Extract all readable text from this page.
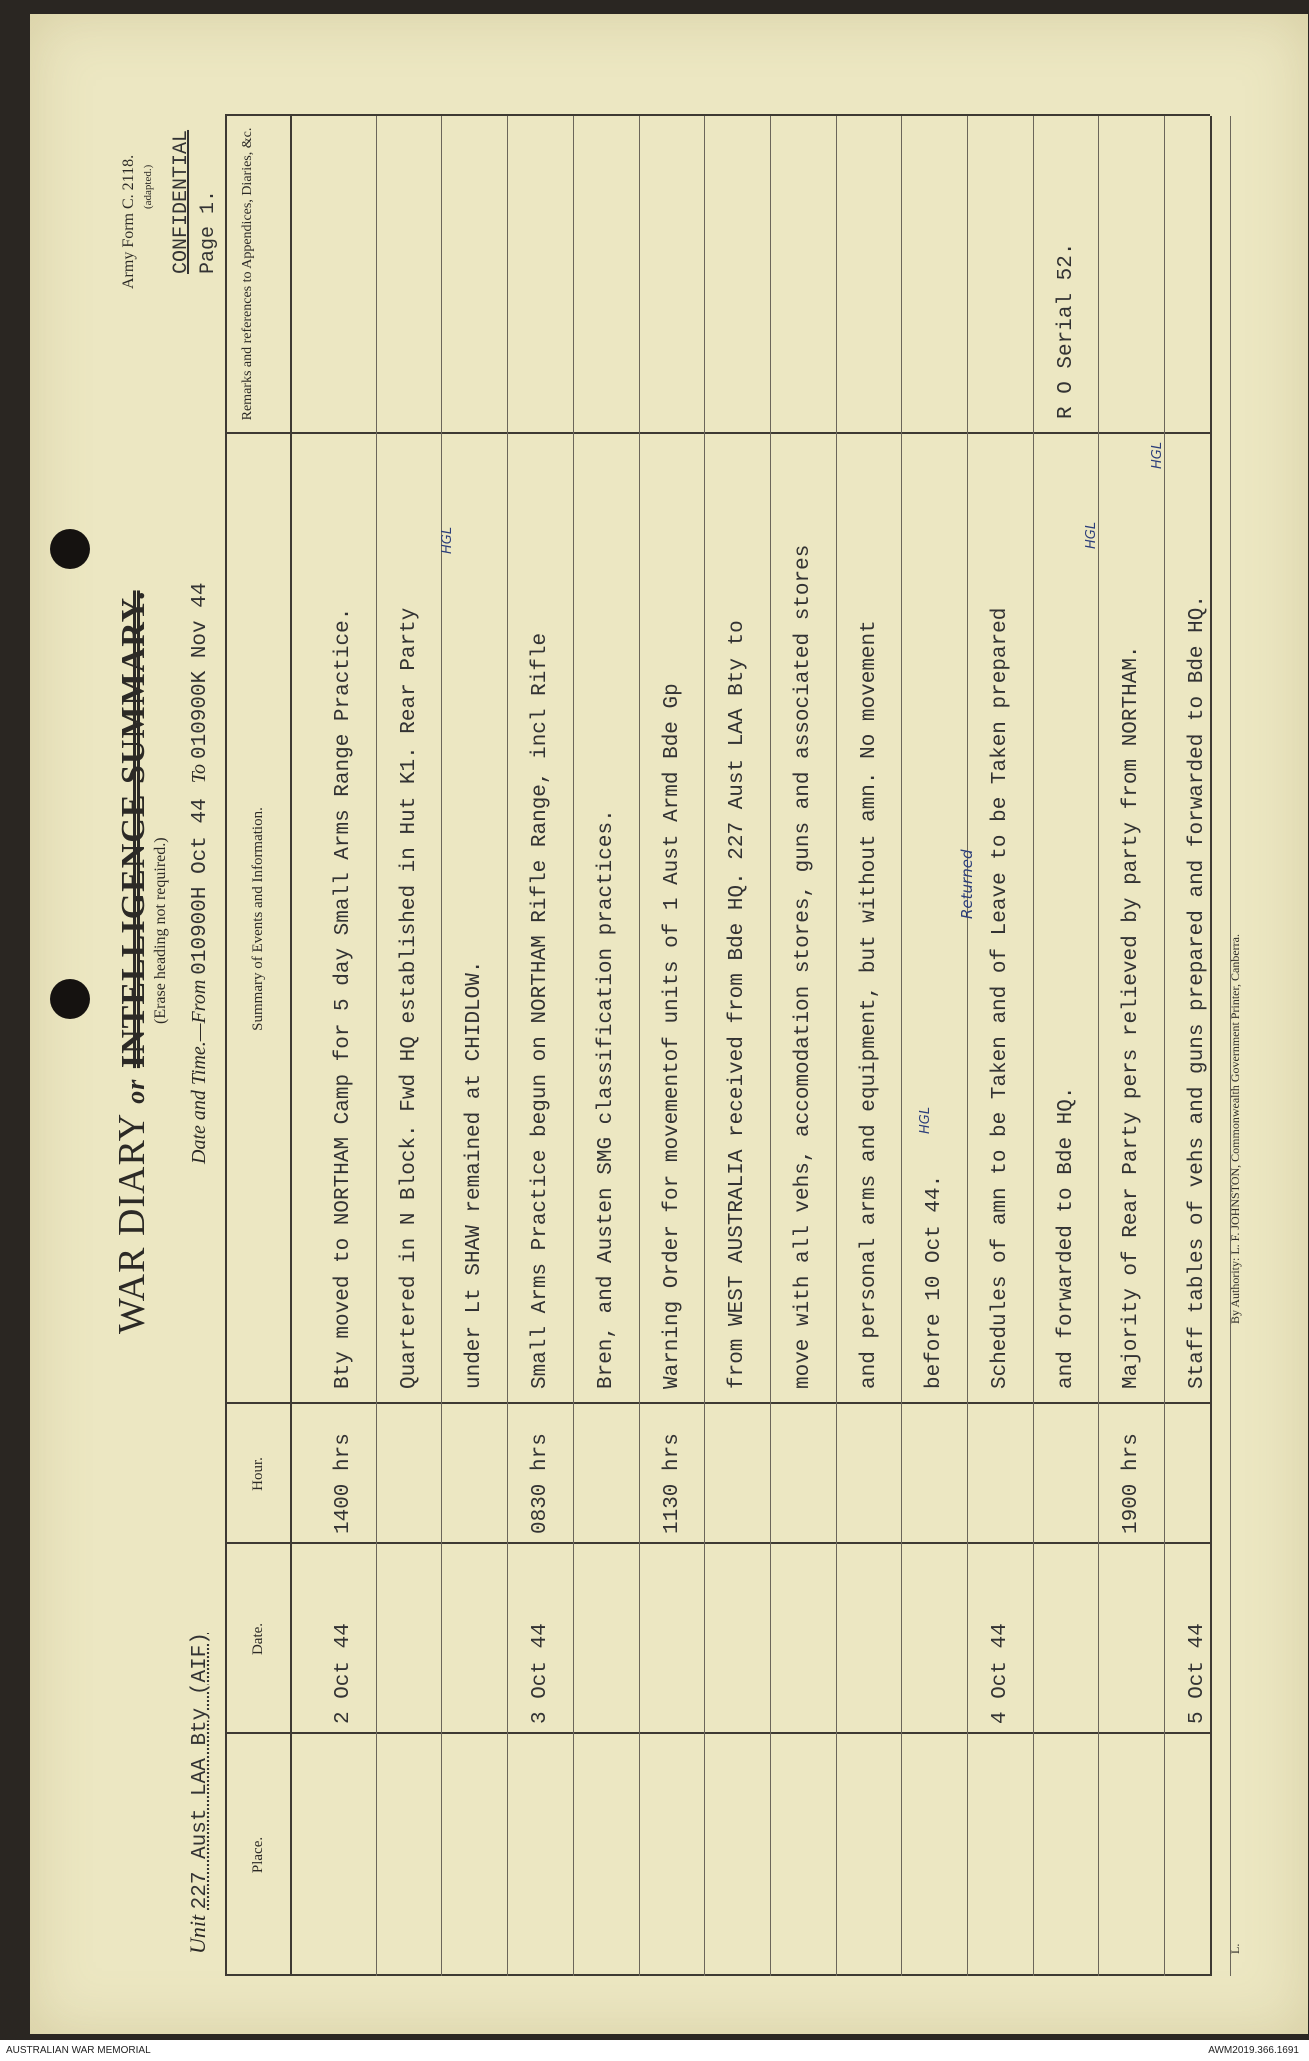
WAR DIARY or INTELLIGENCE SUMMARY. (Erase heading not required.)
Army Form C. 2118. (adapted.) CONFIDENTIAL Page 1.
Unit 227 Aust LAA Bty (AIF)
Date and Time.—From 010900H Oct 44   To 010900K Nov 44
Place.
Date.
Hour.
Summary of Events and Information.
Remarks and references to Appendices, Diaries, &c.
2 Oct 44
1400 hrs
Bty moved to NORTHAM Camp for 5 day Small Arms Range Practice. Quartered in N Block. Fwd HQ established in Hut K1. Rear Party under Lt SHAW remained at CHIDLOW.
3 Oct 44
0830 hrs
Small Arms Practice begun on NORTHAM Rifle Range, incl Rifle Bren, and Austen SMG classification practices.
1130 hrs
Warning Order for movementof units of 1 Aust Armd Bde Gp from WEST AUSTRALIA received from Bde HQ. 227 Aust LAA Bty to move with all vehs, accomodation stores, guns and associated stores and personal arms and equipment, but without amn. No movement before 10 Oct 44.
4 Oct 44
Schedules of amn to be Taken and of Leave to be Taken prepared and forwarded to Bde HQ.
R O Serial 52.
1900 hrs
Majority of Rear Party pers relieved by party from NORTHAM.
5 Oct 44
Staff tables of vehs and guns prepared and forwarded to Bde HQ.
Returned
HGL
HGL
HGL
HGL
By Authority: L. F. JOHNSTON, Commonwealth Government Printer, Canberra.
L.
AUSTRALIAN WAR MEMORIAL	AWM2019.366.1691
